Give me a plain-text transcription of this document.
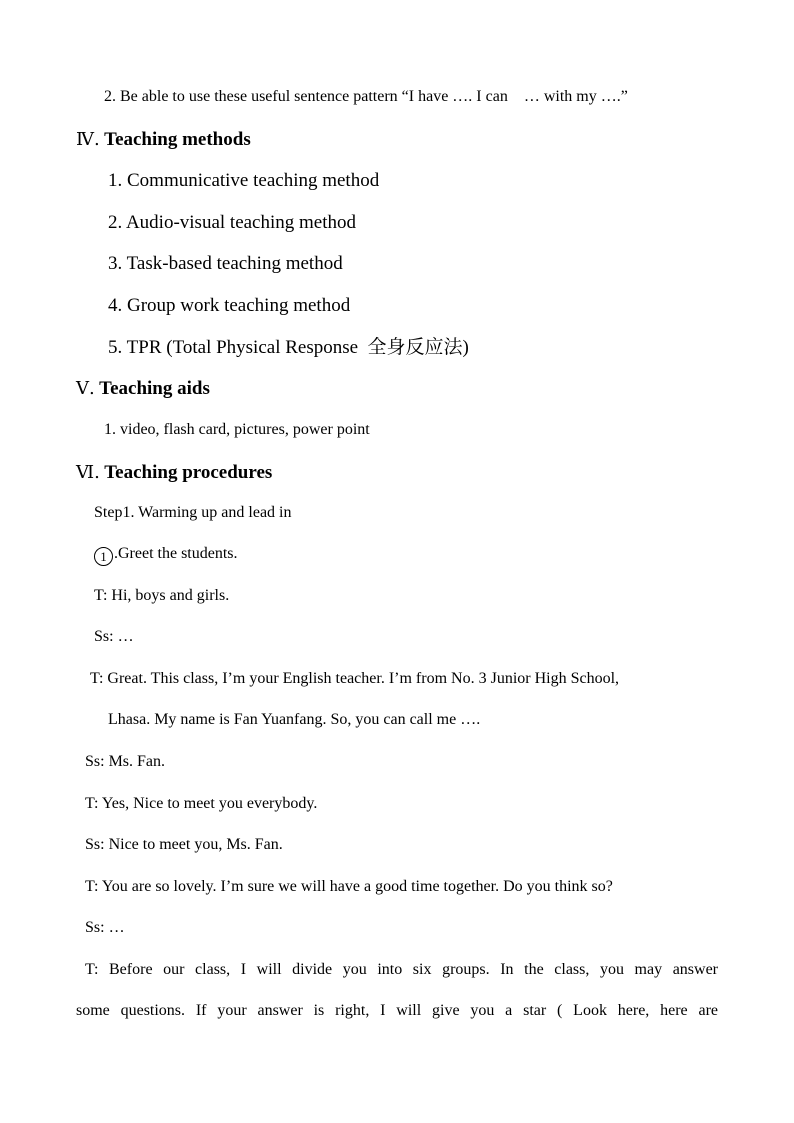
2. Be able to use these useful sentence pattern “I have …. I can    … with my ….”
Ⅳ. Teaching methods
1. Communicative teaching method
2. Audio-visual teaching method
3. Task-based teaching method
4. Group work teaching method
5. TPR (Total Physical Response  全身反应法)
Ⅴ. Teaching aids
1. video, flash card, pictures, power point
Ⅵ. Teaching procedures
Step1. Warming up and lead in
1 .Greet the students.
T: Hi, boys and girls.
Ss: …
T: Great. This class, I’m your English teacher. I’m from No. 3 Junior High School,
Lhasa. My name is Fan Yuanfang. So, you can call me ….
Ss: Ms. Fan.
T: Yes, Nice to meet you everybody.
Ss: Nice to meet you, Ms. Fan.
T: You are so lovely. I’m sure we will have a good time together. Do you think so?
Ss: …
T: Before our class, I will divide you into six groups. In the class, you may answer
some questions. If your answer is right, I will give you a star ( Look here, here are
